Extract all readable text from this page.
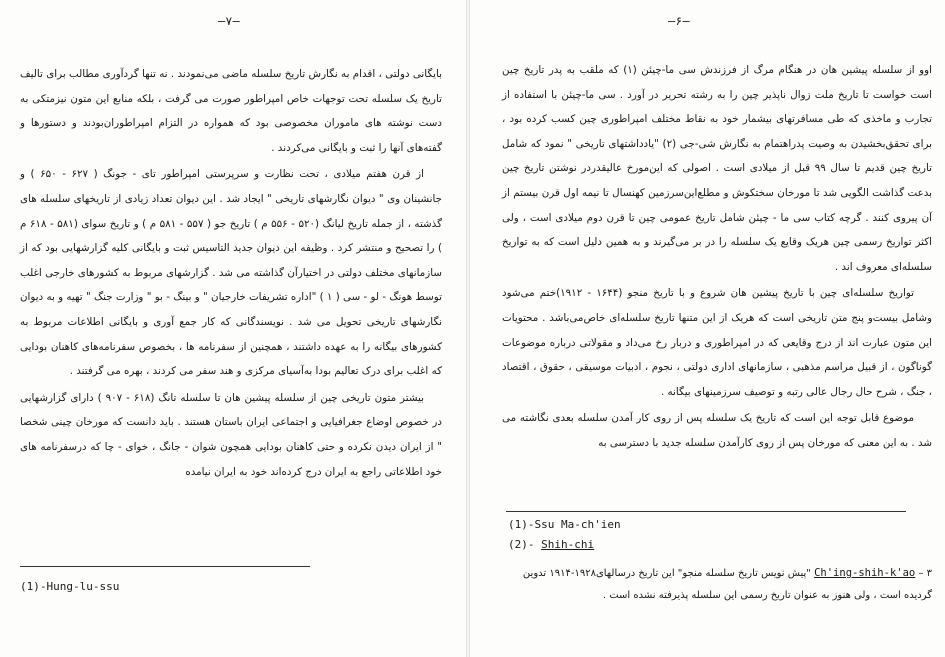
–۷–

بایگانی دولتی ، اقدام به نگارش تاریخ سلسله ماضی می‌نمودند . نه تنها گردآوری مطالب برای تالیف تاریخ یک سلسله تحت توجهات خاص امپراطور صورت می گرفت ، بلکه منابع این متون نیزمتکی به دست نوشته های ماموران مخصوصی بود که همواره در التزام امپراطوران‌بودند و دستورها و گفته‌ها‌ی آنها را ثبت و بایگانی می‌کردند .

از قرن هفتم میلادی ، تحت نظارت و سرپرستی امپراطور تای - جونگ ( ۶۲۷ - ۶۵۰ ) و جانشینان وی " دیوان نگارشهای تاریخی " ایجاد شد . این دیوان تعداد زیادی از تاریخهای سلسله های گذشته ، از جمله تاریخ لیانگ (۵۲۰ - ۵۵۶ م ) تاریخ جو ( ۵۵۷ - ۵۸۱ م ) و تاریخ سوای (۵۸۱ - ۶۱۸ م ) را تصحیح و منتشر کرد . وظیفه این دیوان جدید التاسیس ثبت و بایگانی کلیه گزارشهایی بود که از سازمانهای مختلف دولتی در اختیارآن گذاشته می شد . گزارشهای مربوط به کشورهای خارجی اغلب توسط هونگ - لو - سی ( ۱ ) "اداره تشریفات خارجیان " و بینگ - بو " وزارت جنگ " تهیه و به دیوان نگارشهای تاریخی تحویل می شد . نویسندگانی که کار جمع آوری و بایگانی اطلاعات مربوط به کشورهای بیگانه را به عهده داشتند ، همچنین از سفرنامه ها ، بخصوص سفرنامه‌های کاهنان بودایی که اغلب برای درک تعالیم بودا به‌آسیای مرکزی و هند سفر می کردند ، بهره می گرفتند .

بیشتر متون تاریخی چین از سلسله پیشین هان تا سلسله تانگ (۶۱۸ - ۹۰۷ ) دارای گزارشهایی در خصوص اوضاع جغرافیایی و اجتماعی ایران باستان هستند . باید دانست که مورخان چینی شخصا " از ایران دیدن نکرده و حتی کاهنان بودایی همچون شوان - جانگ ، خوای - چا که درسفرنامه های خود اطلاعاتی راجع به ایران درج کرده‌اند خود به ایران نیامده

(1)-Hung-lu-ssu
–۶–

اوو از سلسله پیشین هان در هنگام مرگ از فرزندش سی ما-چیئن (۱) که ملقب به پدر تاریخ چین است خواست تا تاریخ ملت زوال ناپذیر چین را به رشته تحریر در آورد . سی ما-چیئن با استفاده از تجارب و ماخذی که طی مسافرتهای بیشمار خود به نقاط مختلف امپراطوری چین کسب کرده بود ، برای تحقق‌بخشیدن به وصیت پدراهتمام به نگارش شی-جی (۲) "یادداشتهای تاریخی " نمود که شامل تاریخ چین قدیم تا سال ۹۹ قبل از میلادی است . اصولی که این‌مورخ عالیقدر‌در نوشتن تاریخ چین بدعت گذاشت الگویی شد تا مورخان سختکوش و مطلع‌این‌سرزمین کهنسال تا نیمه اول قرن بیستم از آن پیروی کنند . گرچه کتاب سی ما - چیئن شامل تاریخ عمومی چین تا قرن دوم میلادی است ، ولی اکثر تواریخ رسمی چین هریک وقایع یک سلسله را در بر می‌گیرند و به همین دلیل است که به تواریخ سلسله‌ای معروف اند .

تواریخ سلسله‌ای چین با تاریخ پیشین هان شروع و با تاریخ منجو (۱۶۴۴ - ۱۹۱۲)ختم می‌شود وشامل بیست‌و پنج متن تاریخی است که هریک از این متنها تاریخ سلسله‌ای خاص‌می‌باشد . محتویات این متون عبارت اند از درج وقایعی که در امپراطوری و دربار رخ می‌داد و مقولاتی درباره موضوعات گوناگون ، از قبیل مراسم مذهبی ، سازمانهای اداری دولتی ، نجوم ، ادبیات موسیقی ، حقوق ، اقتصاد ، جنگ ، شرح حال رجال عالی رتبه و توصیف سرزمینهای بیگانه .

موضوع قابل توجه این است که تاریخ یک سلسله پس از روی کار آمدن سلسله بعدی نگاشته می شد . به این معنی که مورخان پس از روی کارآمدن سلسله جدید با دسترسی به

(1)-Ssu Ma-ch'ien
(2)- Shih-chi
۳ – Ch'ing-shih-k'ao "پیش نویس تاریخ سلسله منجو" این تاریخ درسالهای۱۹۲۸-۱۹۱۴ تدوین گردیده است ، ولی هنوز به عنوان تاریخ رسمی این سلسله پذیرفته نشده است .
